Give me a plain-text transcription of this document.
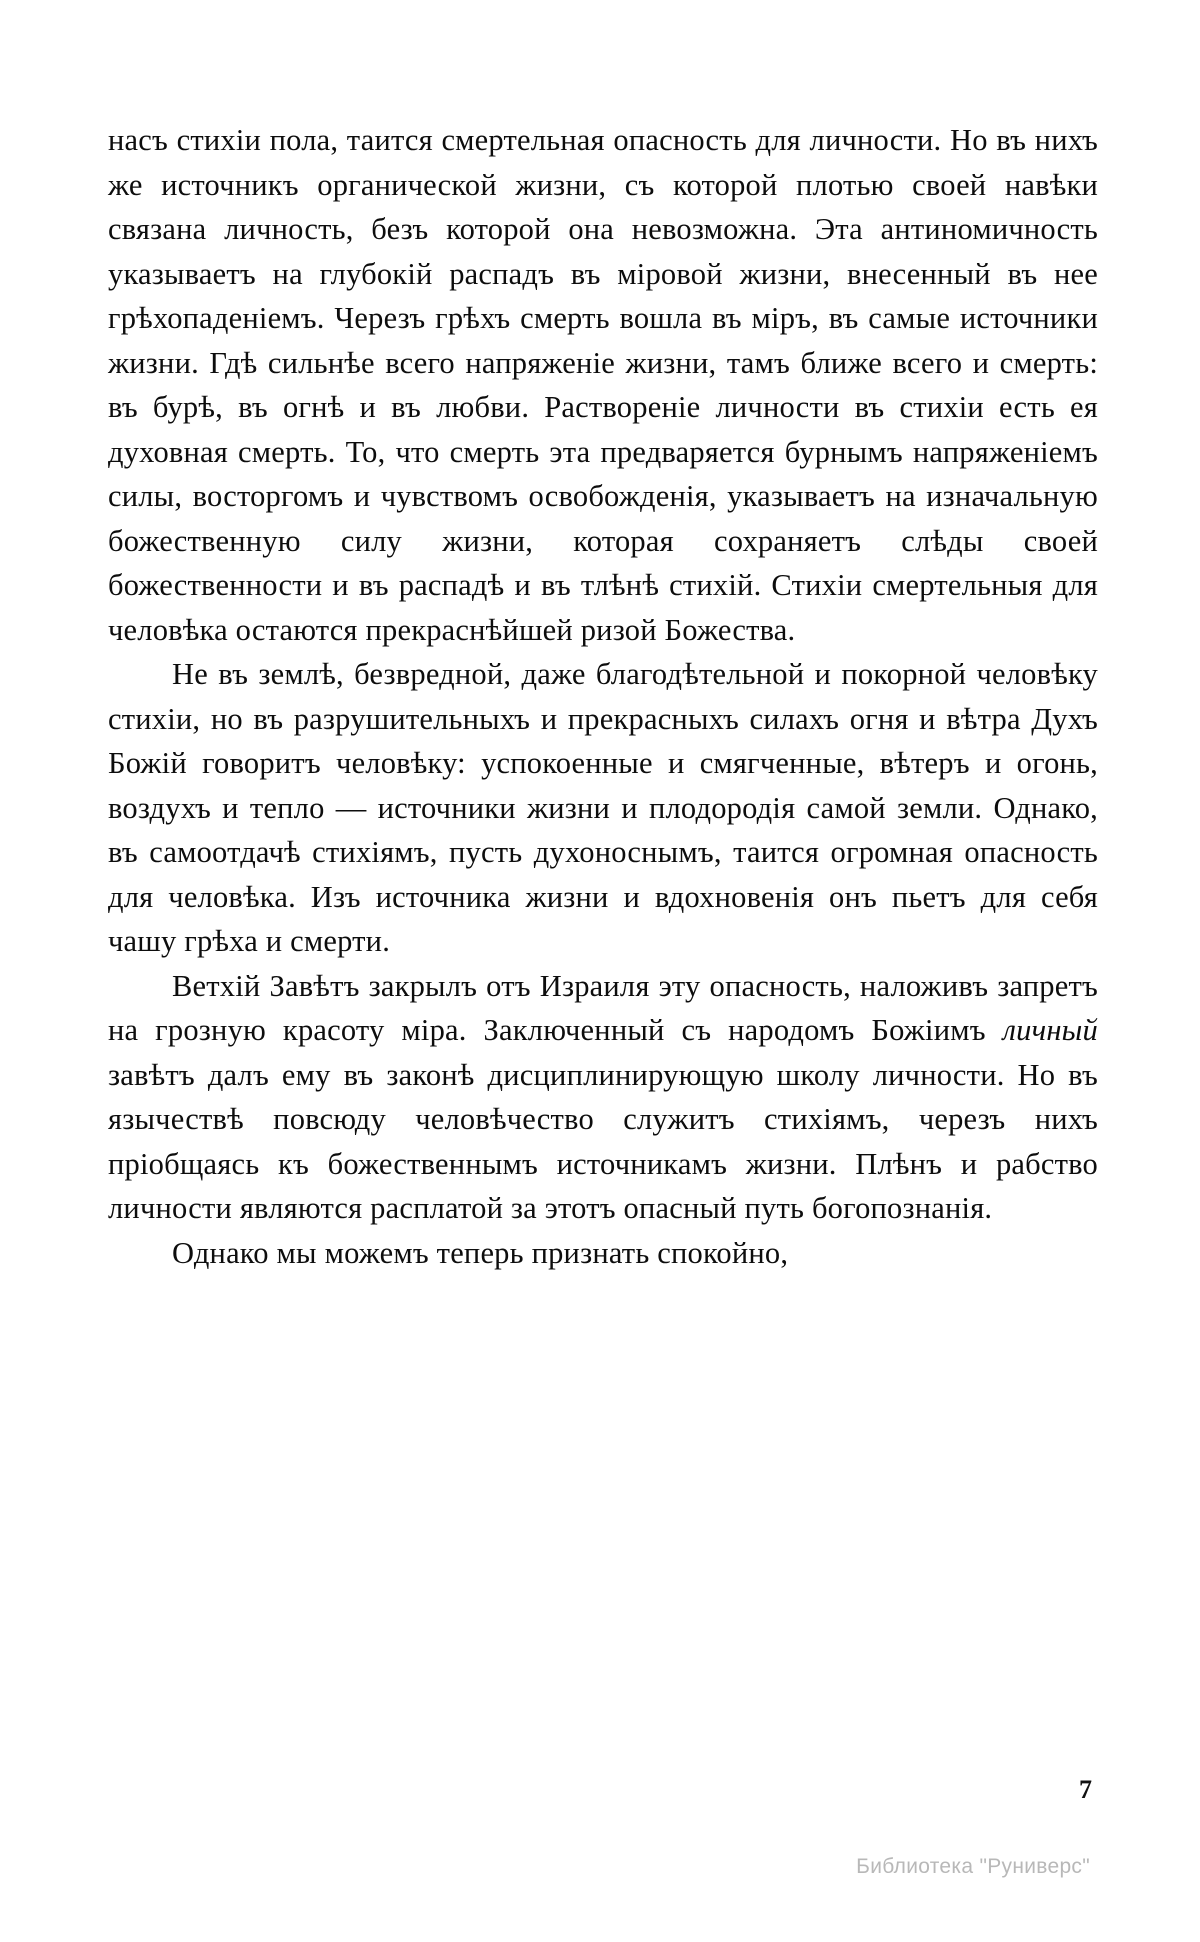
насъ стихіи пола, таится смертельная опасность для личности. Но въ нихъ же источникъ органической жизни, съ которой плотью своей навѣки связана личность, безъ которой она невозможна. Эта антиномичность указываетъ на глубокій распадъ въ міровой жизни, внесенный въ нее грѣхопаденіемъ. Черезъ грѣхъ смерть вошла въ міръ, въ самые источники жизни. Гдѣ сильнѣе всего напряженіе жизни, тамъ ближе всего и смерть: въ бурѣ, въ огнѣ и въ любви. Растворeніе личности въ стихіи есть ея духовная смерть. То, что смерть эта предваряется бурнымъ напряженіемъ силы, восторгомъ и чувствомъ освобожденія, указываетъ на изначальную божественную силу жизни, которая сохраняетъ слѣды своей божественности и въ распадѣ и въ тлѣнѣ стихій. Стихіи смертельныя для человѣка остаются прекраснѣйшей ризой Божества.

Не въ землѣ, безвредной, даже благодѣтельной и покорной человѣку стихіи, но въ разрушительныхъ и прекрасныхъ силахъ огня и вѣтра Духъ Божій говоритъ человѣку: успокоенные и смягченные, вѣтеръ и огонь, воздухъ и тепло — источники жизни и плодородія самой земли. Однако, въ самоотдачѣ стихіямъ, пусть духоноснымъ, таится огромная опасность для человѣка. Изъ источника жизни и вдохновенія онъ пьетъ для себя чашу грѣха и смерти.

Ветхій Завѣтъ закрылъ отъ Израиля эту опасность, наложивъ запретъ на грозную красоту міра. Заключенный съ народомъ Божіимъ личный завѣтъ далъ ему въ законѣ дисциплинирующую школу личности. Но въ язычествѣ повсюду человѣчество служитъ стихіямъ, черезъ нихъ пріобщаясь къ божественнымъ источникамъ жизни. Плѣнъ и рабство личности являются расплатой за этотъ опасный путь богопознанія.

Однако мы можемъ теперь признать спокойно,

7
Библиотека "Руниверс"
